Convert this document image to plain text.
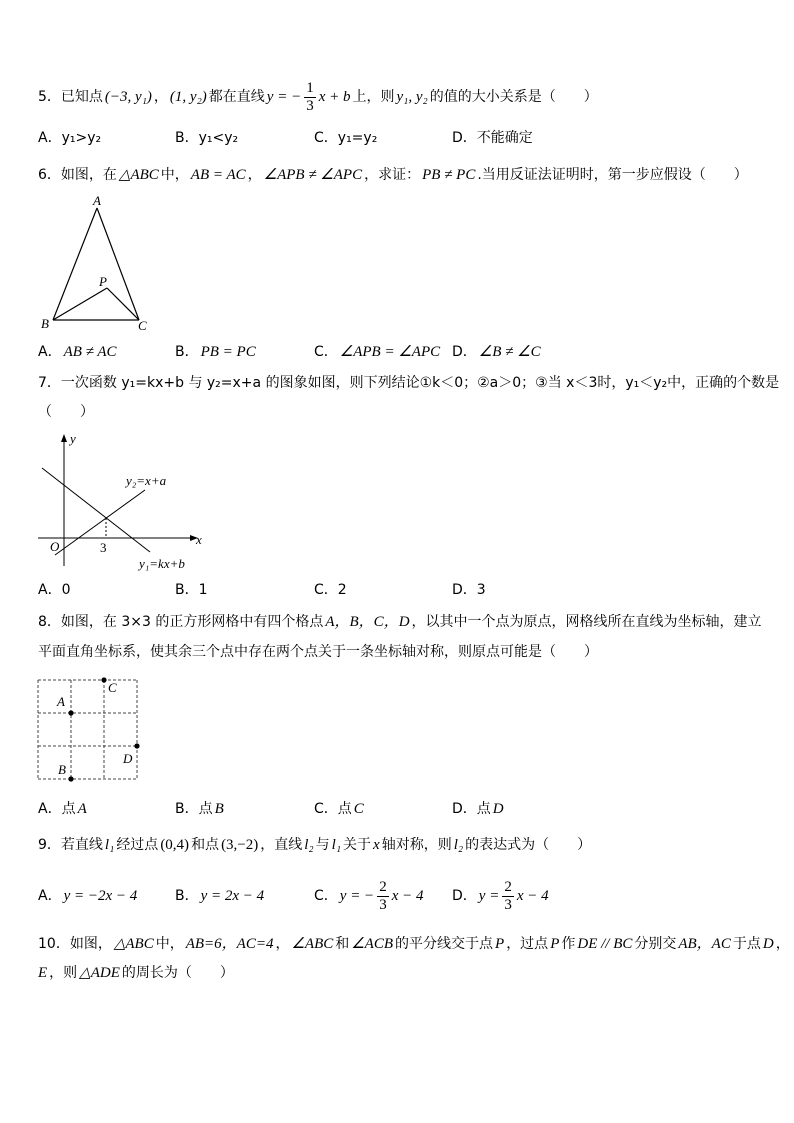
5．已知点 (−3, y₁) ， (1, y₂) 都在直线 y = − $\frac{1}{3}$ x + b 上，则 y₁, y₂ 的值的大小关系是（　　）
A．y₁>y₂	B．y₁<y₂	C．y₁=y₂	D．不能确定
6．如图，在 △ABC 中， AB = AC ， ∠APB ≠ ∠APC ，求证： PB ≠ PC .当用反证法证明时，第一步应假设（　　）
A
B	C
P
A． AB ≠ AC	B． PB = PC	C． ∠APB = ∠APC D． ∠B ≠ ∠C
7．一次函数 y₁=kx+b 与 y₂=x+a 的图象如图，则下列结论①k＜0；②a＞0；③当 x＜3时，y₁＜y₂中，正确的个数是
（　　）
y
x
O	3
y₂=x+a
y₁=kx+b
A．0	B．1	C．2	D．3
8．如图，在 3×3 的正方形网格中有四个格点 A，B，C，D ，以其中一个点为原点，网格线所在直线为坐标轴，建立
平面直角坐标系，使其余三个点中存在两个点关于一条坐标轴对称，则原点可能是（　　）
C
A
D
B
A．点 A	B．点 B	C．点 C	D．点 D
9．若直线 l₁ 经过点 (0,4) 和点 (3,−2) ，直线 l₂ 与 l₁ 关于 x 轴对称，则 l₂ 的表达式为（　　）
A． y = −2x − 4	B． y = 2x − 4	C． y = − $\frac{2}{3}$ x − 4 D． $y = \frac{2}{3}$ x − 4
10．如图， △ABC 中， AB=6，AC=4 ， ∠ABC 和 ∠ACB 的平分线交于点 P ，过点 P 作 DE // BC 分别交 AB，AC 于点 D ，
E ，则 △ADE 的周长为（　　）
